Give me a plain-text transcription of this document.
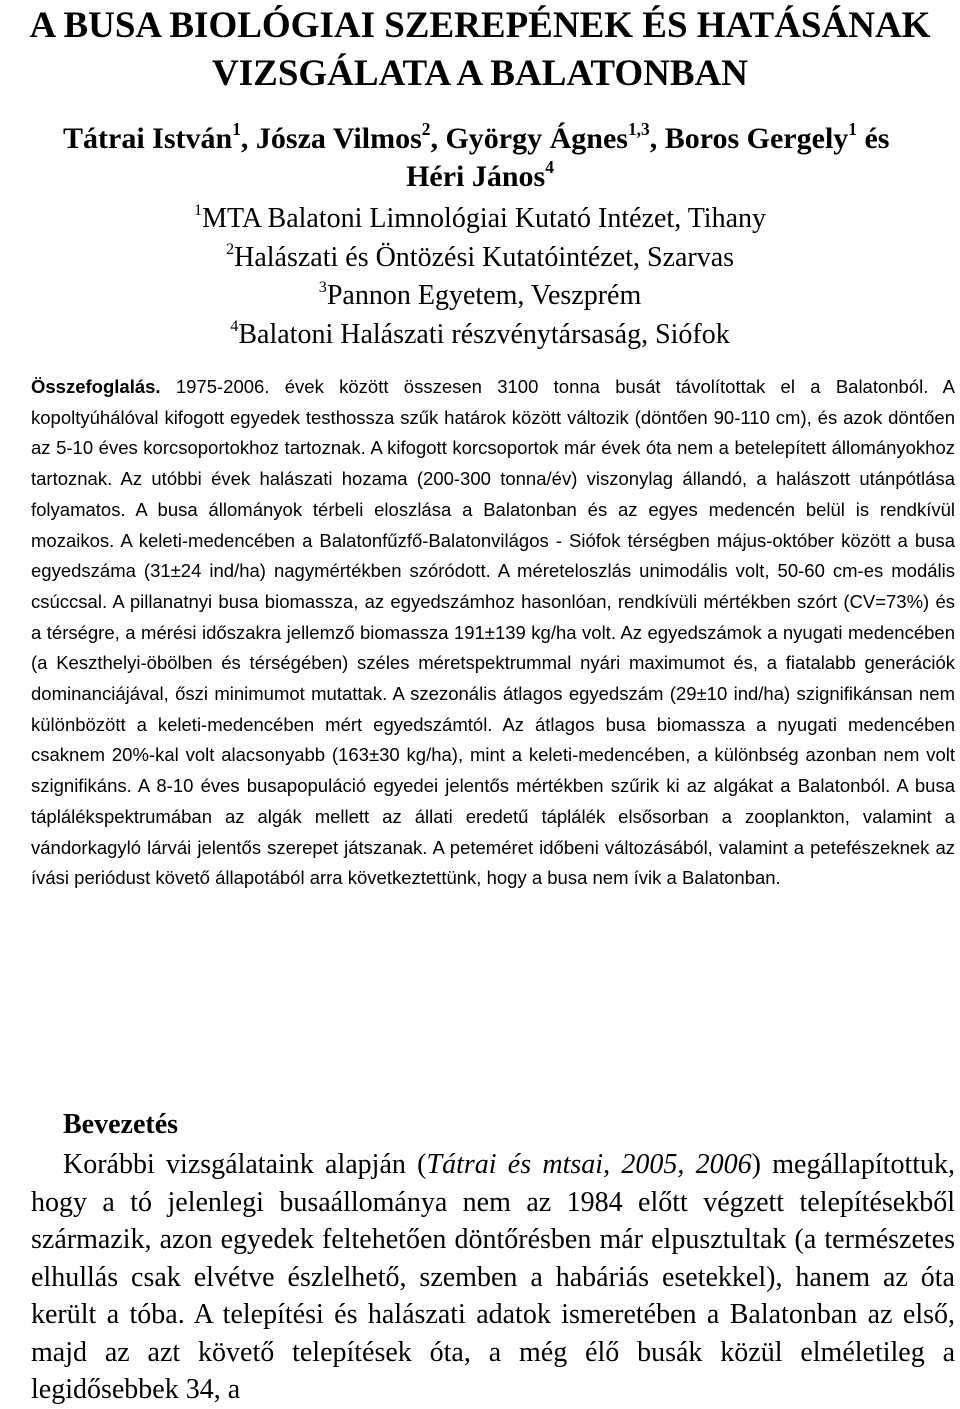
A BUSA BIOLÓGIAI SZEREPÉNEK ÉS HATÁSÁNAK
VIZSGÁLATA A BALATONBAN
Tátrai István$^1$, Jósza Vilmos$^2$, György Ágnes$^{1,3}$, Boros Gergely$^1$ és
Héri János$^4$
$^1$MTA Balatoni Limnológiai Kutató Intézet, Tihany
$^2$Halászati és Öntözési Kutatóintézet, Szarvas
$^3$Pannon Egyetem, Veszprém
$^4$Balatoni Halászati részvénytársaság, Siófok

Összefoglalás. 1975-2006. évek között összesen 3100 tonna busát távolítottak el a Balatonból. A kopoltyúhálóval kifogott egyedek testhossza szűk határok között változik (döntően 90-110 cm), és azok döntően az 5-10 éves korcsoportokhoz tartoznak. A kifogott korcsoportok már évek óta nem a betelepített állományokhoz tartoznak. Az utóbbi évek halászati hozama (200-300 tonna/év) viszonylag állandó, a halászott utánpótlása folyamatos. A busa állományok térbeli eloszlása a Balatonban és az egyes medencén belül is rendkívül mozaikos. A keleti-medencében a Balatonfűzfő-Balatonvilágos - Siófok térségben május-október között a busa egyedszáma (31±24 ind/ha) nagymértékben szóródott. A méreteloszlás unimodális volt, 50-60 cm-es modális csúccsal. A pillanatnyi busa biomassza, az egyedszámhoz hasonlóan, rendkívüli mértékben szórt (CV=73%) és a térségre, a mérési időszakra jellemző biomassza 191±139 kg/ha volt. Az egyedszámok a nyugati medencében (a Keszthelyi-öbölben és térségében) széles méretspektrummal nyári maximumot és, a fiatalabb generációk dominanciájával, őszi minimumot mutattak. A szezonális átlagos egyedszám (29±10 ind/ha) szignifikánsan nem különbözött a keleti-medencében mért egyedszámtól. Az átlagos busa biomassza a nyugati medencében csaknem 20%-kal volt alacsonyabb (163±30 kg/ha), mint a keleti-medencében, a különbség azonban nem volt szignifikáns. A 8-10 éves busapopuláció egyedei jelentős mértékben szűrik ki az algákat a Balatonból. A busa táplálékspektrumában az algák mellett az állati eredetű táplálék elsősorban a zooplankton, valamint a vándorkagyló lárvái jelentős szerepet játszanak. A peteméret időbeni változásából, valamint a petefészeknek az ívási periódust követő állapotából arra következtettünk, hogy a busa nem ívik a Balatonban.

Bevezetés

Korábbi vizsgálataink alapján (Tátrai és mtsai, 2005, 2006) megállapítottuk, hogy a tó jelenlegi busaállománya nem az 1984 előtt végzett telepítésekből származik, azon egyedek feltehetően döntőrésben már elpusztultak (a természetes elhullás csak elvétve észlelhető, szemben a habáriás esetekkel), hanem az óta került a tóba. A telepítési és halászati adatok ismeretében a Balatonban az első, majd az azt követő telepítések óta, a még élő busák közül elméletileg a legidősebbek 34, a
